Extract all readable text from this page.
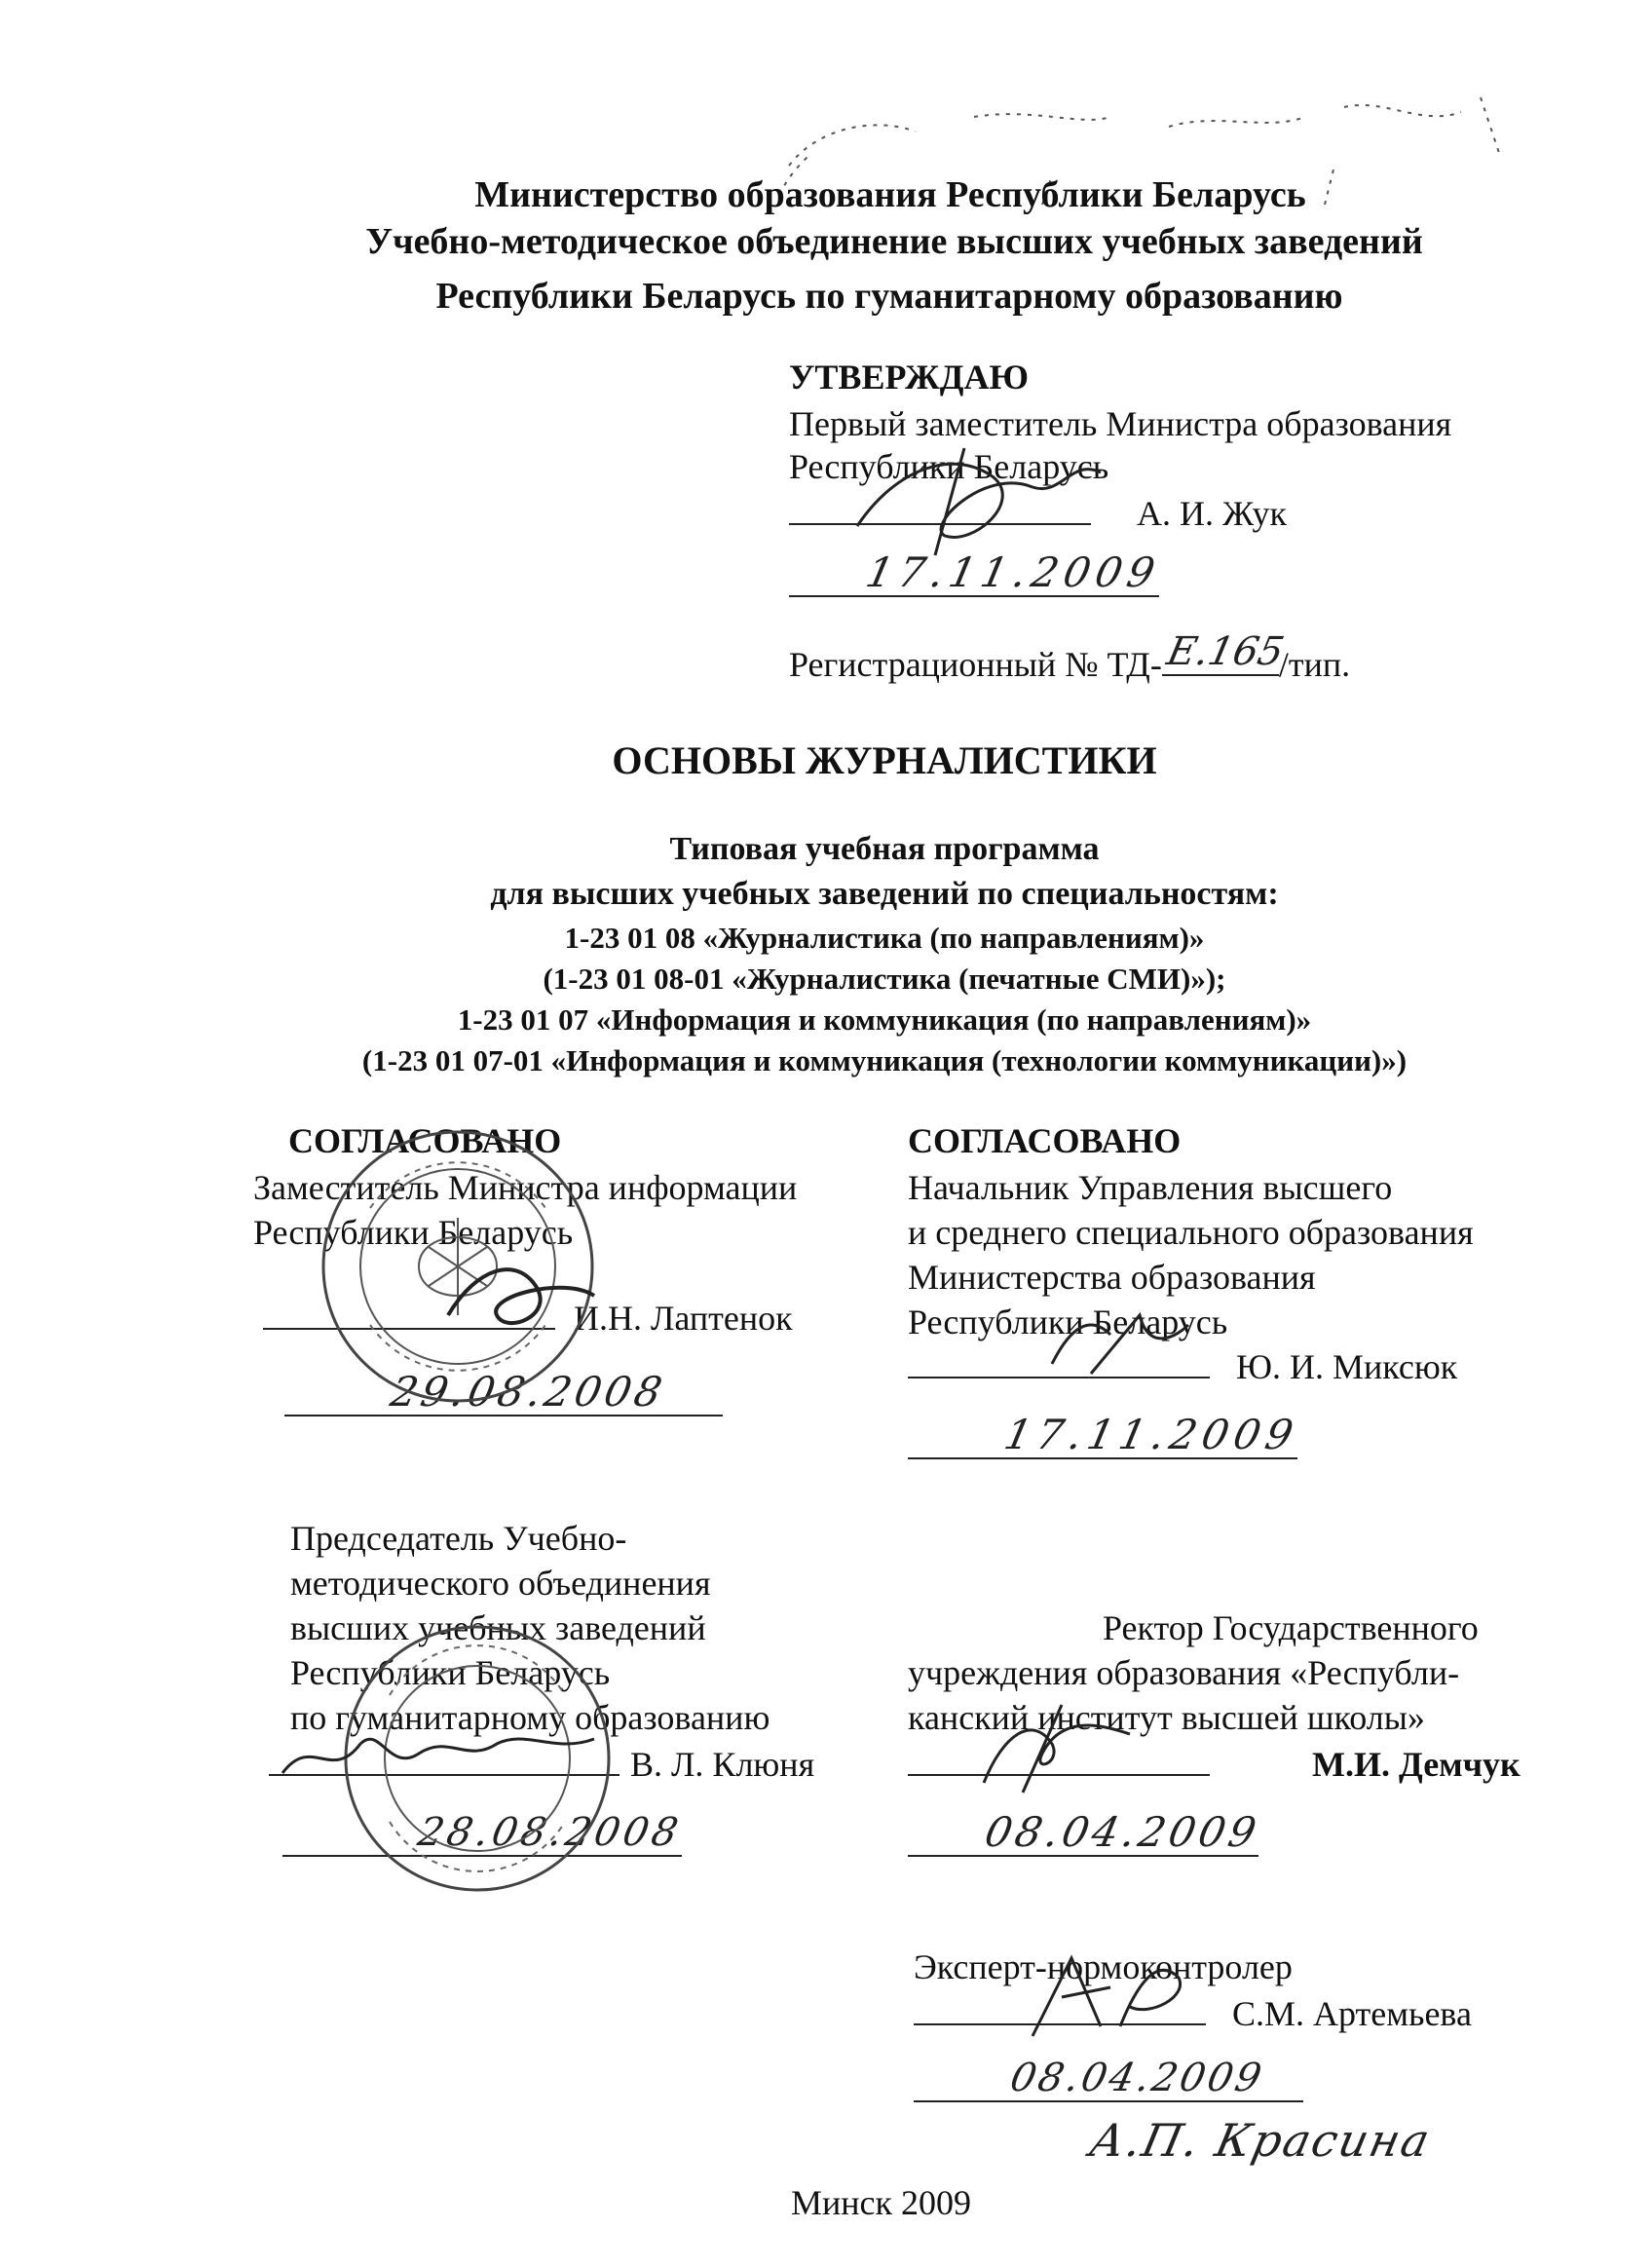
Министерство образования Республики Беларусь
Учебно-методическое объединение высших учебных заведений
Республики Беларусь по гуманитарному образованию
УТВЕРЖДАЮ
Первый заместитель Министра образования
Республики Беларусь
А. И. Жук
17.11.2009
Регистрационный № ТД- Е.165
/тип.
ОСНОВЫ ЖУРНАЛИСТИКИ
Типовая учебная программа
для высших учебных заведений по специальностям:
1-23 01 08 «Журналистика (по направлениям)»
(1-23 01 08-01 «Журналистика (печатные СМИ)»);
1-23 01 07 «Информация и коммуникация (по направлениям)»
(1-23 01 07-01 «Информация и коммуникация (технологии коммуникации)»)
СОГЛАСОВАНО
Заместитель Министра информации
Республики Беларусь
И.Н. Лаптенок
29.08.2008
СОГЛАСОВАНО
Начальник Управления высшего
и среднего специального образования
Министерства образования
Республики Беларусь
Ю. И. Миксюк
17.11.2009
Председатель Учебно-
методического объединения
высших учебных заведений
Республики Беларусь
по гуманитарному образованию
В. Л. Клюня
28.08.2008
Ректор Государственного
учреждения образования «Республи-
канский институт высшей школы»
М.И. Демчук
08.04.2009
Эксперт-нормоконтролер
С.М. Артемьева
08.04.2009
А.П. Красина
Минск 2009
